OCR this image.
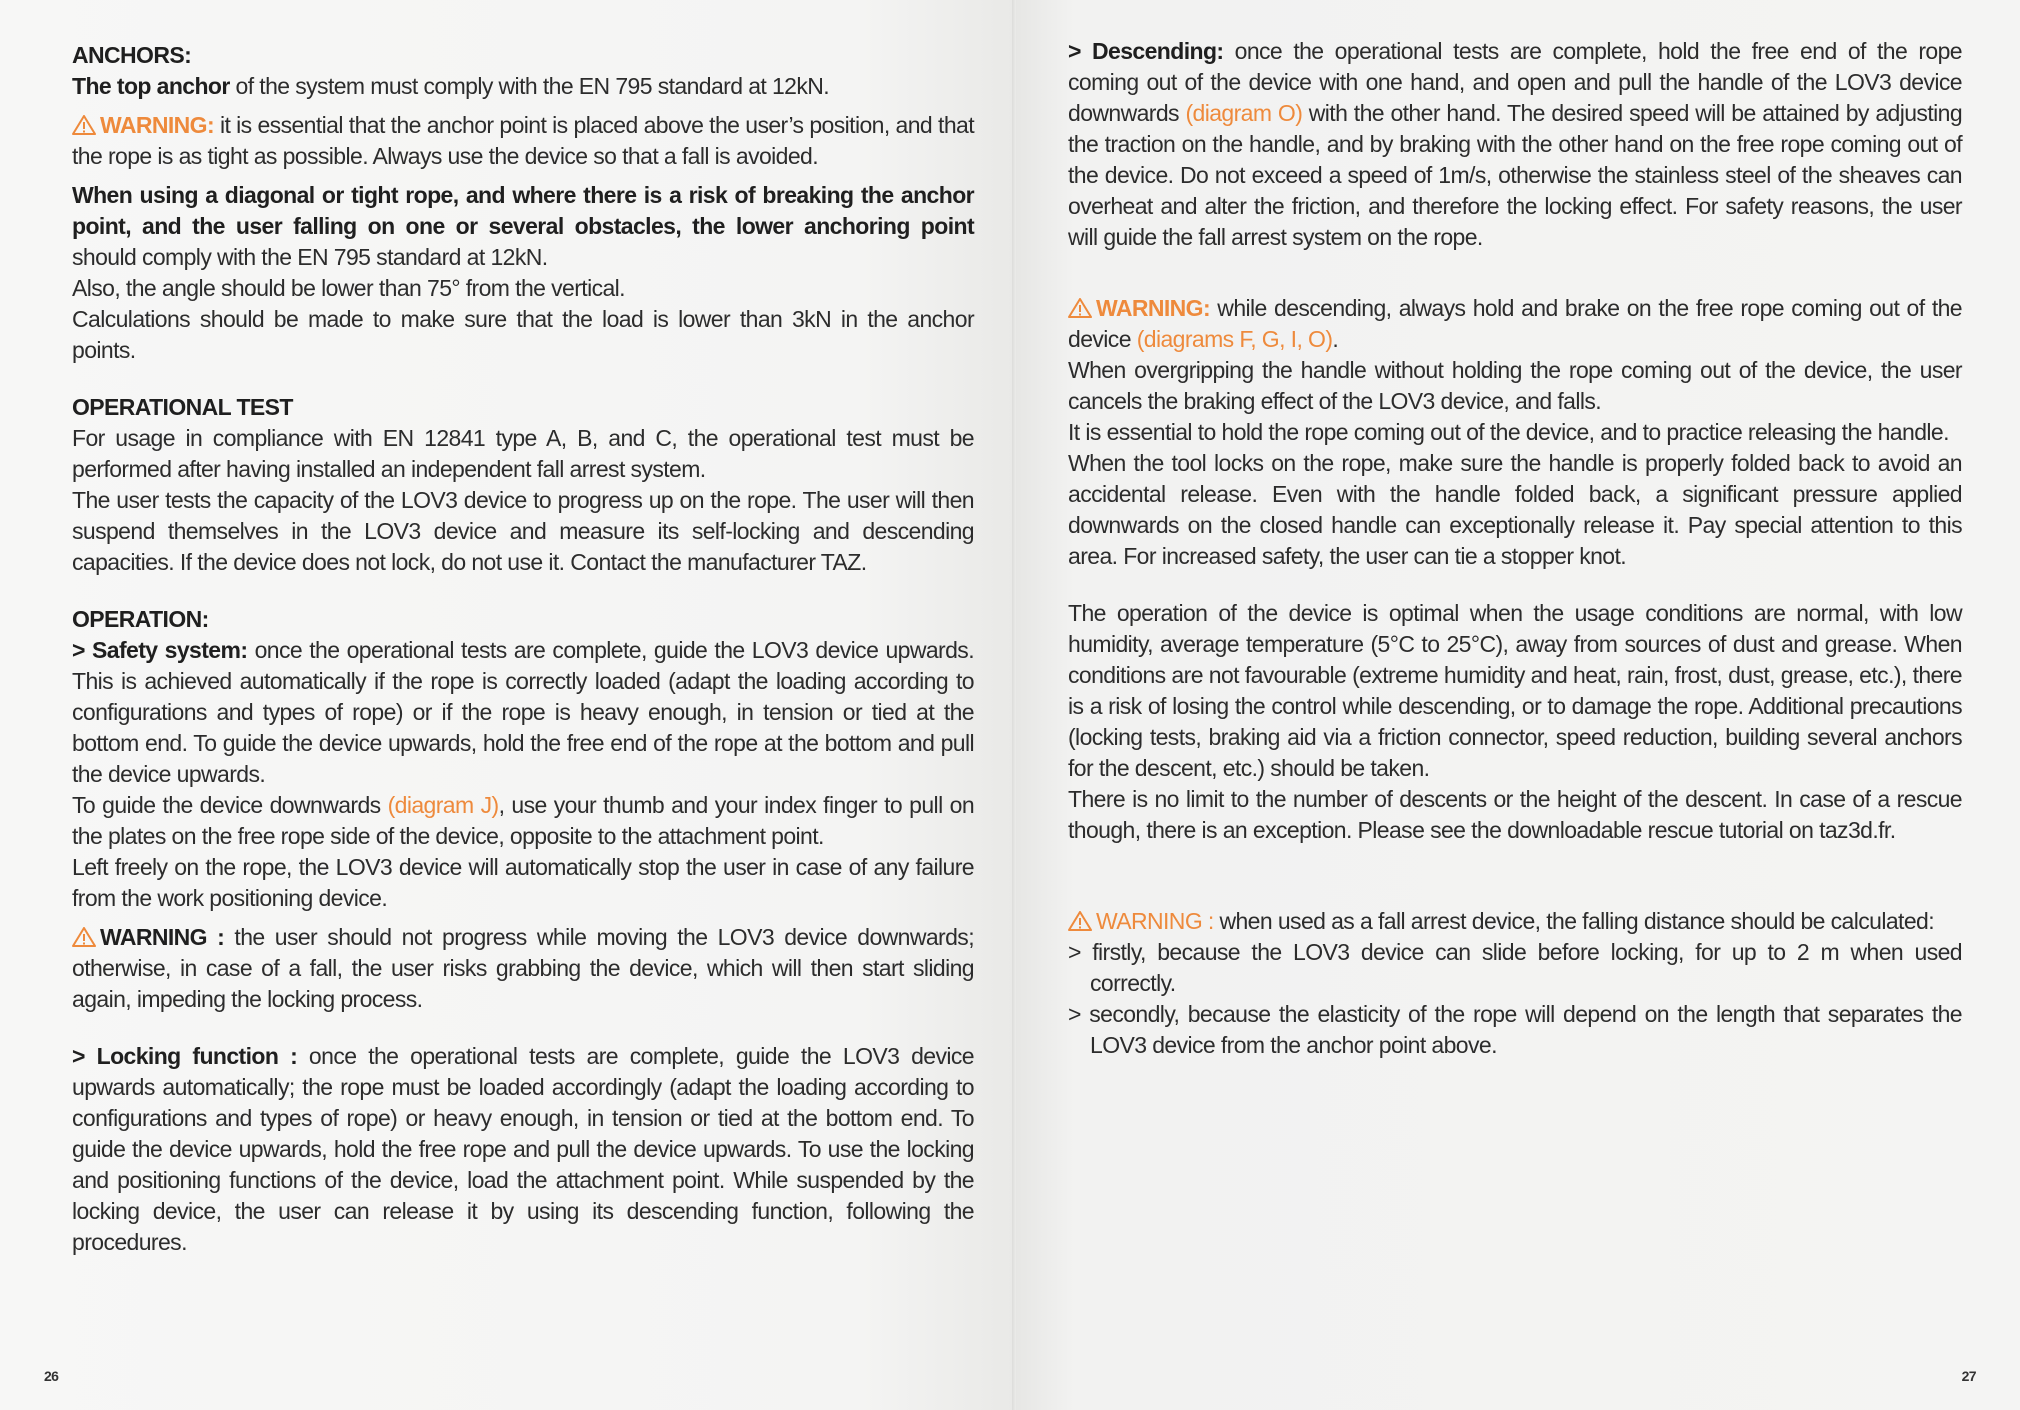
ANCHORS:

The top anchor of the system must comply with the EN 795 standard at 12kN.

WARNING: it is essential that the anchor point is placed above the user’s position, and that the rope is as tight as possible. Always use the device so that a fall is avoided.

When using a diagonal or tight rope, and where there is a risk of breaking the anchor point, and the user falling on one or several obstacles, the lower anchoring point should comply with the EN 795 standard at 12kN.

Also, the angle should be lower than 75° from the vertical.

Calculations should be made to make sure that the load is lower than 3kN in the anchor points.

OPERATIONAL TEST

For usage in compliance with EN 12841 type A, B, and C, the operational test must be performed after having installed an independent fall arrest system.

The user tests the capacity of the LOV3 device to progress up on the rope. The user will then suspend themselves in the LOV3 device and measure its self-locking and descending capacities. If the device does not lock, do not use it. Contact the manufacturer TAZ.

OPERATION:

> Safety system: once the operational tests are complete, guide the LOV3 device upwards. This is achieved automatically if the rope is correctly loaded (adapt the loading according to configurations and types of rope) or if the rope is heavy enough, in tension or tied at the bottom end. To guide the device upwards, hold the free end of the rope at the bottom and pull the device upwards.

To guide the device downwards (diagram J), use your thumb and your index finger to pull on the plates on the free rope side of the device, opposite to the attachment point.

Left freely on the rope, the LOV3 device will automatically stop the user in case of any failure from the work positioning device.

WARNING : the user should not progress while moving the LOV3 device downwards; otherwise, in case of a fall, the user risks grabbing the device, which will then start sliding again, impeding the locking process.

> Locking function : once the operational tests are complete, guide the LOV3 device upwards automatically; the rope must be loaded accordingly (adapt the loading according to configurations and types of rope) or heavy enough, in tension or tied at the bottom end. To guide the device upwards, hold the free rope and pull the device upwards. To use the locking and positioning functions of the device, load the attachment point. While suspended by the locking device, the user can release it by using its descending function, following the procedures.

26

> Descending: once the operational tests are complete, hold the free end of the rope coming out of the device with one hand, and open and pull the handle of the LOV3 device downwards (diagram O) with the other hand. The desired speed will be attained by adjusting the traction on the handle, and by braking with the other hand on the free rope coming out of the device. Do not exceed a speed of 1m/s, otherwise the stainless steel of the sheaves can overheat and alter the friction, and therefore the locking effect. For safety reasons, the user will guide the fall arrest system on the rope.

WARNING: while descending, always hold and brake on the free rope coming out of the device (diagrams F, G, I, O).

When overgripping the handle without holding the rope coming out of the device, the user cancels the braking effect of the LOV3 device, and falls.

It is essential to hold the rope coming out of the device, and to practice releasing the handle.

When the tool locks on the rope, make sure the handle is properly folded back to avoid an accidental release. Even with the handle folded back, a significant pressure applied downwards on the closed handle can exceptionally release it. Pay special attention to this area. For increased safety, the user can tie a stopper knot.

The operation of the device is optimal when the usage conditions are normal, with low humidity, average temperature (5°C to 25°C), away from sources of dust and grease. When conditions are not favourable (extreme humidity and heat, rain, frost, dust, grease, etc.), there is a risk of losing the control while descending, or to damage the rope. Additional precautions (locking tests, braking aid via a friction connector, speed reduction, building several anchors for the descent, etc.) should be taken.

There is no limit to the number of descents or the height of the descent. In case of a rescue though, there is an exception. Please see the downloadable rescue tutorial on taz3d.fr.

WARNING : when used as a fall arrest device, the falling distance should be calculated:

> firstly, because the LOV3 device can slide before locking, for up to 2 m when used correctly.

> secondly, because the elasticity of the rope will depend on the length that separates the LOV3 device from the anchor point above.

27
